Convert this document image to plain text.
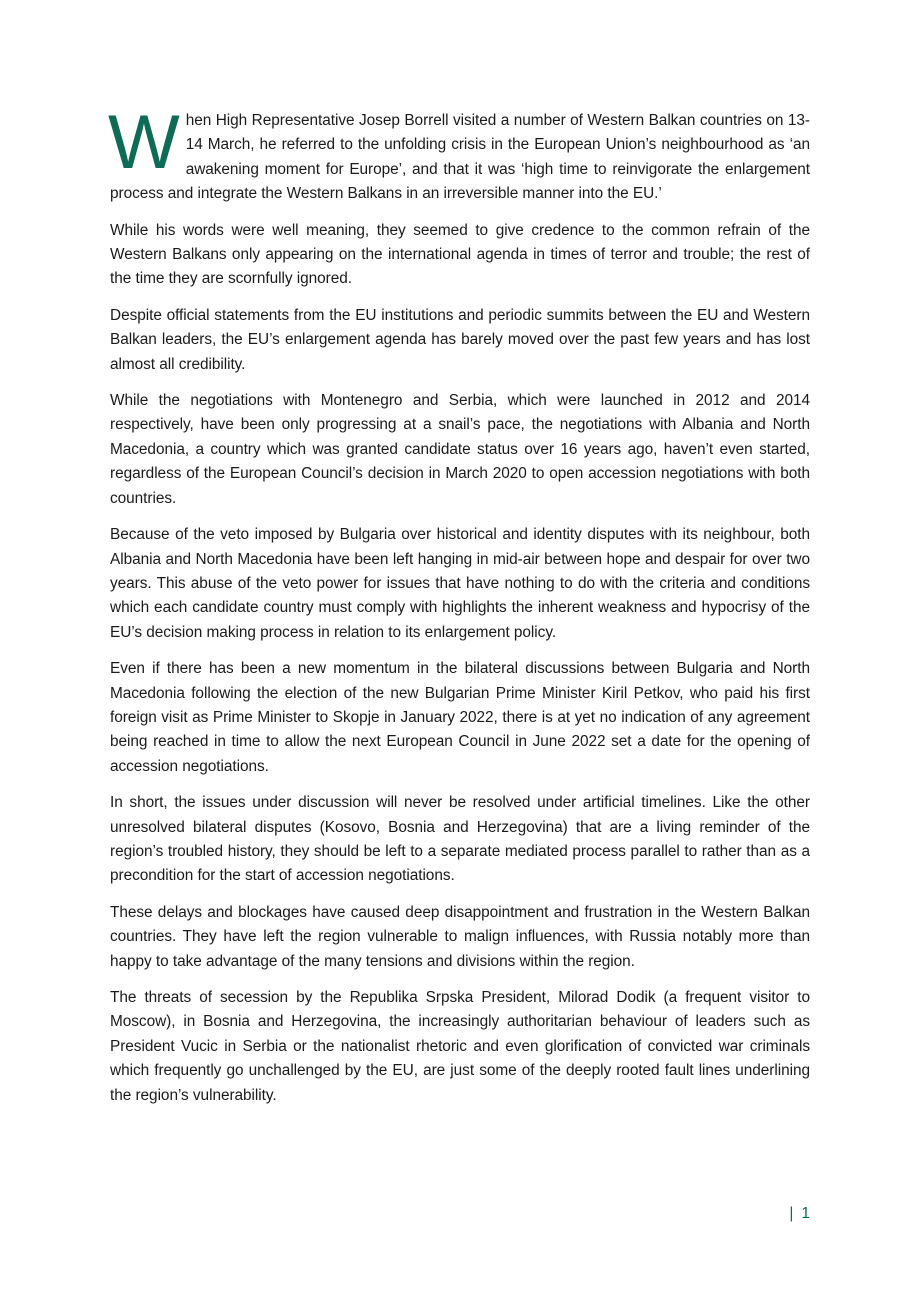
When High Representative Josep Borrell visited a number of Western Balkan countries on 13-14 March, he referred to the unfolding crisis in the European Union’s neighbourhood as ‘an awakening moment for Europe’, and that it was ‘high time to reinvigorate the enlargement process and integrate the Western Balkans in an irreversible manner into the EU.’

While his words were well meaning, they seemed to give credence to the common refrain of the Western Balkans only appearing on the international agenda in times of terror and trouble; the rest of the time they are scornfully ignored.

Despite official statements from the EU institutions and periodic summits between the EU and Western Balkan leaders, the EU’s enlargement agenda has barely moved over the past few years and has lost almost all credibility.

While the negotiations with Montenegro and Serbia, which were launched in 2012 and 2014 respectively, have been only progressing at a snail’s pace, the negotiations with Albania and North Macedonia, a country which was granted candidate status over 16 years ago, haven’t even started, regardless of the European Council’s decision in March 2020 to open accession negotiations with both countries.

Because of the veto imposed by Bulgaria over historical and identity disputes with its neighbour, both Albania and North Macedonia have been left hanging in mid-air between hope and despair for over two years. This abuse of the veto power for issues that have nothing to do with the criteria and conditions which each candidate country must comply with highlights the inherent weakness and hypocrisy of the EU’s decision making process in relation to its enlargement policy.

Even if there has been a new momentum in the bilateral discussions between Bulgaria and North Macedonia following the election of the new Bulgarian Prime Minister Kiril Petkov, who paid his first foreign visit as Prime Minister to Skopje in January 2022, there is at yet no indication of any agreement being reached in time to allow the next European Council in June 2022 set a date for the opening of accession negotiations.

In short, the issues under discussion will never be resolved under artificial timelines. Like the other unresolved bilateral disputes (Kosovo, Bosnia and Herzegovina) that are a living reminder of the region’s troubled history, they should be left to a separate mediated process parallel to rather than as a precondition for the start of accession negotiations.

These delays and blockages have caused deep disappointment and frustration in the Western Balkan countries. They have left the region vulnerable to malign influences, with Russia notably more than happy to take advantage of the many tensions and divisions within the region.

The threats of secession by the Republika Srpska President, Milorad Dodik (a frequent visitor to Moscow), in Bosnia and Herzegovina, the increasingly authoritarian behaviour of leaders such as President Vucic in Serbia or the nationalist rhetoric and even glorification of convicted war criminals which frequently go unchallenged by the EU, are just some of the deeply rooted fault lines underlining the region’s vulnerability.

| 1
